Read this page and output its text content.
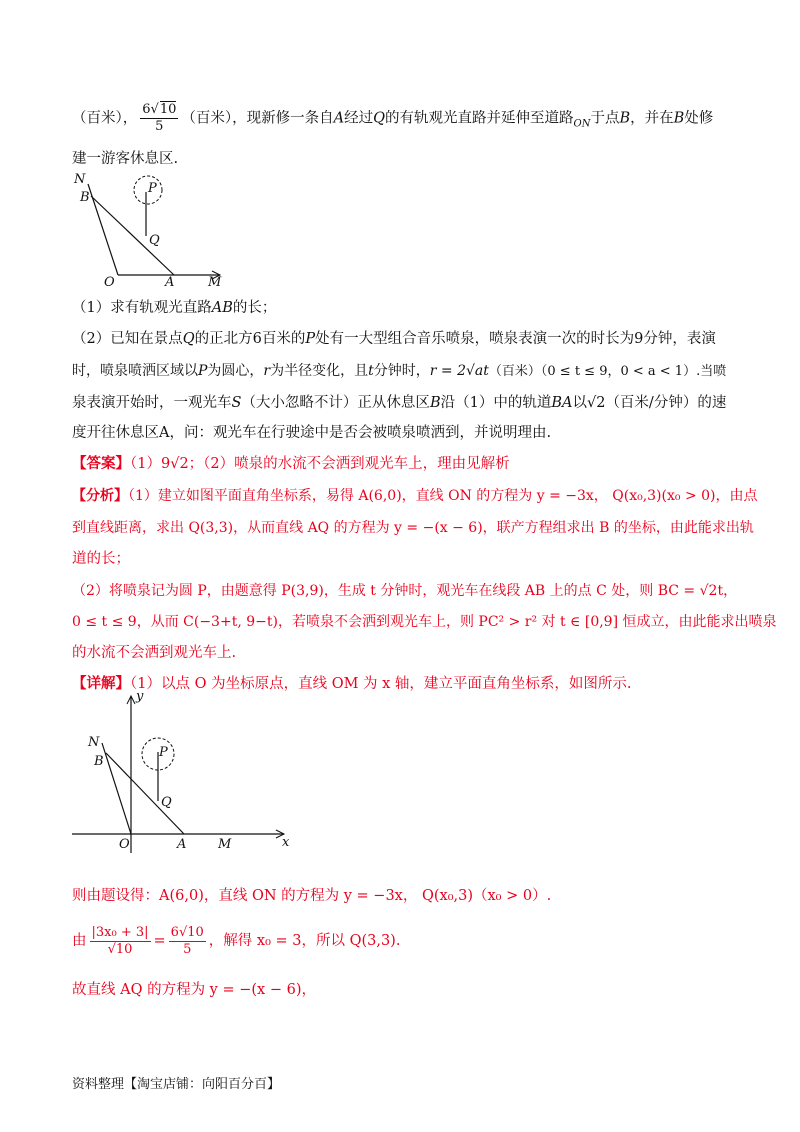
（百米）， $\frac{6√10}{5}$ （百米），现新修一条自A经过Q的有轨观光直路并延伸至道路$_{ON}$于点B，并在B处修
建一游客休息区.
N
B
P
Q
O	A	M
（1）求有轨观光直路AB的长；
（2）已知在景点Q的正北方6百米的P处有一大型组合音乐喷泉，喷泉表演一次的时长为9分钟，表演
时，喷泉喷洒区域以P为圆心，r为半径变化，且t分钟时，r = 2√at（百米）（0 ≤ t ≤ 9，0 < a < 1）.当喷
泉表演开始时，一观光车S（大小忽略不计）正从休息区B沿（1）中的轨道BA以√2（百米/分钟）的速
度开往休息区A，问：观光车在行驶途中是否会被喷泉喷洒到，并说明理由.
【答案】（1）9√2；（2）喷泉的水流不会洒到观光车上，理由见解析
【分析】（1）建立如图平面直角坐标系，易得 A(6,0)，直线 ON 的方程为 y = −3x， Q(x₀,3)(x₀ > 0)，由点
到直线距离，求出 Q(3,3)，从而直线 AQ 的方程为 y = −(x − 6)，联产方程组求出 B 的坐标，由此能求出轨
道的长；
（2）将喷泉记为圆 P，由题意得 P(3,9)，生成 t 分钟时，观光车在线段 AB 上的点 C 处，则 BC = √2t，
0 ≤ t ≤ 9，从而 C(−3+t, 9−t)，若喷泉不会洒到观光车上，则 PC² > r² 对 t ∈ [0,9] 恒成立，由此能求出喷泉
的水流不会洒到观光车上.
【详解】（1）以点 O 为坐标原点，直线 OM 为 x 轴，建立平面直角坐标系，如图所示.
y
N
B
P
Q
O	A M	x
则由题设得：A(6,0)，直线 ON 的方程为 y = −3x， Q(x₀,3)（x₀ > 0）.
由 $\frac{\text{|3x₀ + 3|}}{√10} = \frac{6√10}{5}$ ，解得 x₀ = 3，所以 Q(3,3).
故直线 AQ 的方程为 y = −(x − 6)，
资料整理【淘宝店铺：向阳百分百】
